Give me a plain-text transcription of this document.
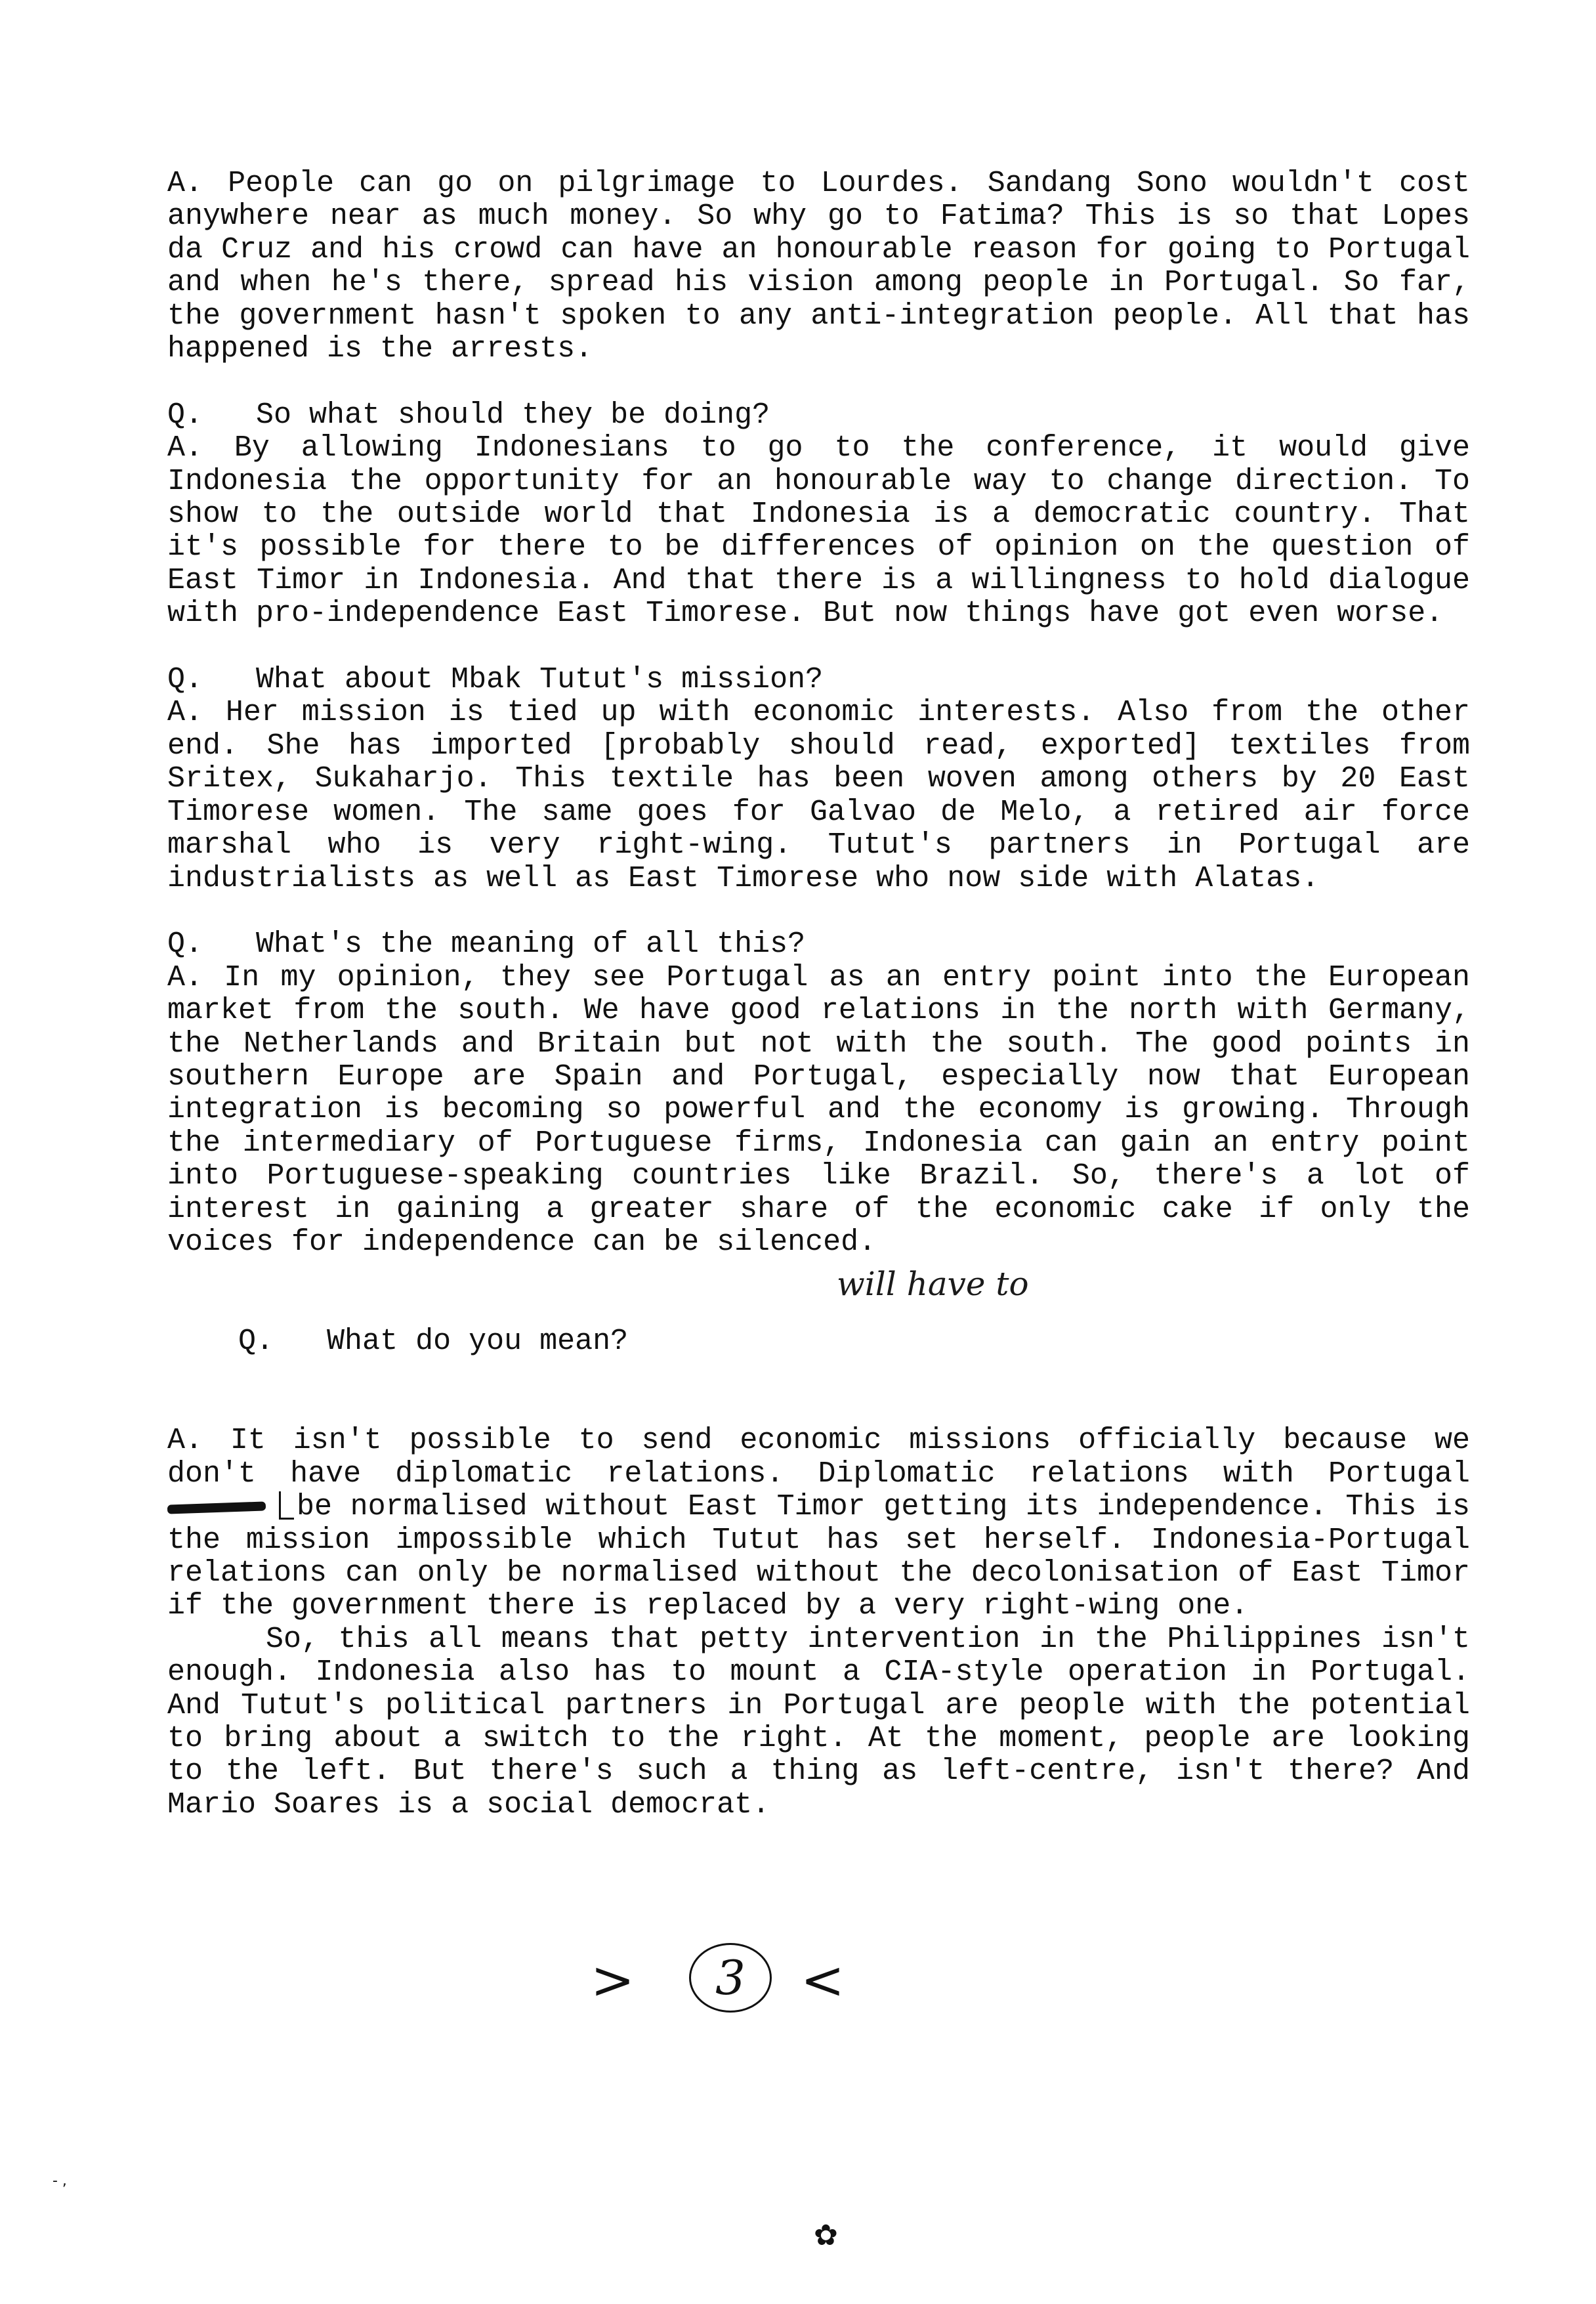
A. People can go on pilgrimage to Lourdes. Sandang Sono wouldn't cost anywhere near as much money. So why go to Fatima? This is so that Lopes da Cruz and his crowd can have an honourable reason for going to Portugal and when he's there, spread his vision among people in Portugal. So far, the government hasn't spoken to any anti-integration people. All that has happened is the arrests.

Q.   So what should they be doing?

A. By allowing Indonesians to go to the conference, it would give Indonesia the opportunity for an honourable way to change direction. To show to the outside world that Indonesia is a democratic country. That it's possible for there to be differences of opinion on the question of East Timor in Indonesia. And that there is a willingness to hold dialogue with pro-independence East Timorese. But now things have got even worse.

Q.   What about Mbak Tutut's mission?

A. Her mission is tied up with economic interests. Also from the other end. She has imported [probably should read, exported] textiles from Sritex, Sukaharjo. This textile has been woven among others by 20 East Timorese women. The same goes for Galvao de Melo, a retired air force marshal who is very right-wing. Tutut's partners in Portugal are industrialists as well as East Timorese who now side with Alatas.

Q.   What's the meaning of all this?

A. In my opinion, they see Portugal as an entry point into the European market from the south. We have good relations in the north with Germany, the Netherlands and Britain but not with the south. The good points in southern Europe are Spain and Portugal, especially now that European integration is becoming so powerful and the economy is growing. Through the intermediary of Portuguese firms, Indonesia can gain an entry point into Portuguese-speaking countries like Brazil. So, there's a lot of interest in gaining a greater share of the economic cake if only the voices for independence can be silenced.

Q.   What do you mean?

will have to

A. It isn't possible to send economic missions officially because we don't have diplomatic relations. Diplomatic relations with Portugal be normalised without East Timor getting its independence. This is the mission impossible which Tutut has set herself. Indonesia-Portugal relations can only be normalised without the decolonisation of East Timor if the government there is replaced by a very right-wing one.

So, this all means that petty intervention in the Philippines isn't enough. Indonesia also has to mount a CIA-style operation in Portugal. And Tutut's political partners in Portugal are people with the potential to bring about a switch to the right. At the moment, people are looking to the left. But there's such a thing as left-centre, isn't there? And Mario Soares is a social democrat.

>	3	<
- ,
✿
